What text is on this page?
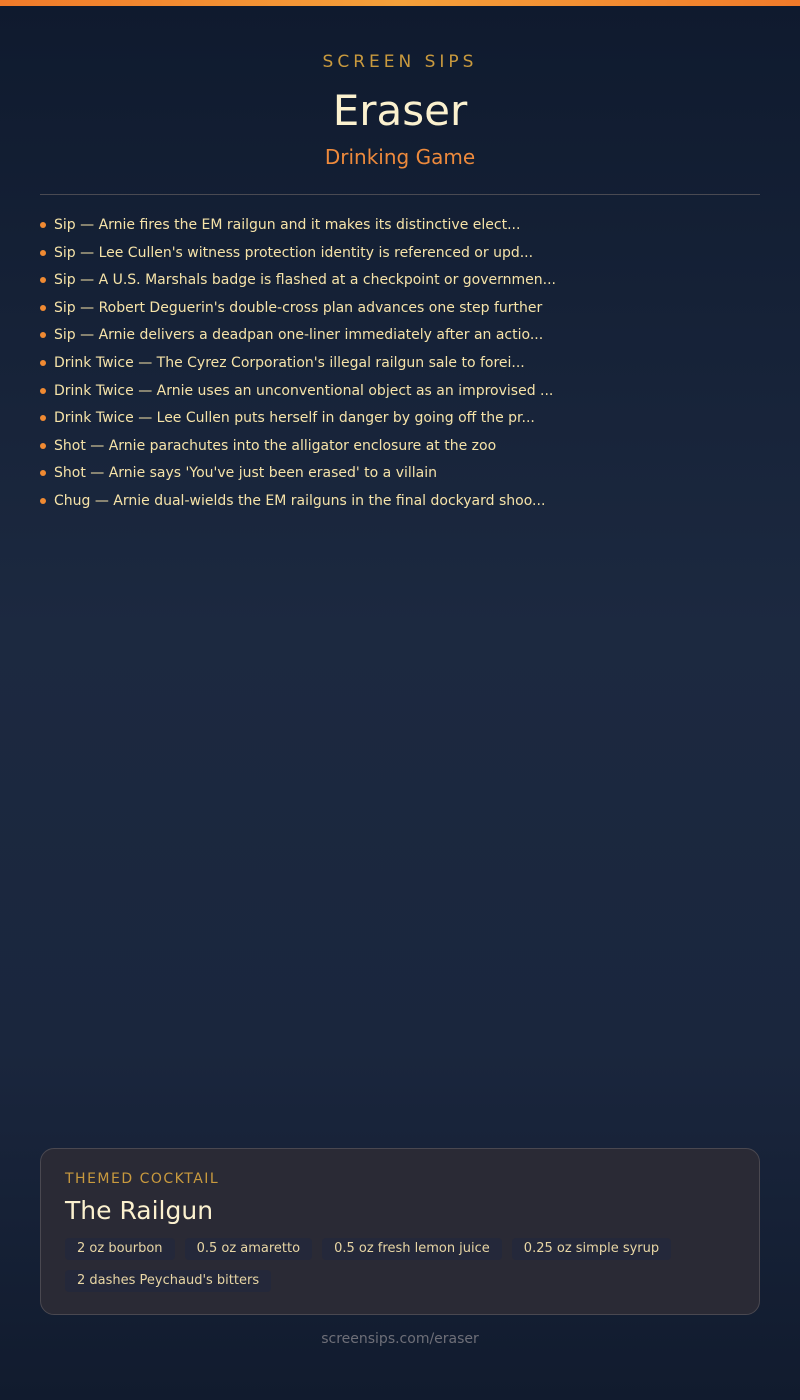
SCREEN SIPS
Eraser
Drinking Game
Sip — Arnie fires the EM railgun and it makes its distinctive elect...
Sip — Lee Cullen's witness protection identity is referenced or upd...
Sip — A U.S. Marshals badge is flashed at a checkpoint or governmen...
Sip — Robert Deguerin's double-cross plan advances one step further
Sip — Arnie delivers a deadpan one-liner immediately after an actio...
Drink Twice — The Cyrez Corporation's illegal railgun sale to forei...
Drink Twice — Arnie uses an unconventional object as an improvised ...
Drink Twice — Lee Cullen puts herself in danger by going off the pr...
Shot — Arnie parachutes into the alligator enclosure at the zoo
Shot — Arnie says 'You've just been erased' to a villain
Chug — Arnie dual-wields the EM railguns in the final dockyard shoo...
THEMED COCKTAIL
The Railgun
2 oz bourbon	0.5 oz amaretto	0.5 oz fresh lemon juice	0.25 oz simple syrup
2 dashes Peychaud's bitters
screensips.com/eraser
